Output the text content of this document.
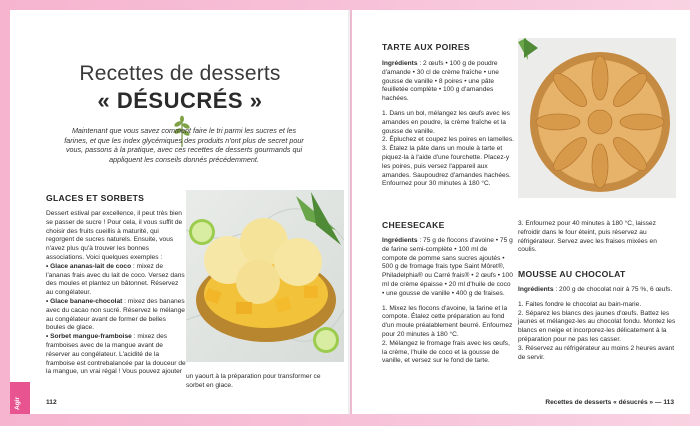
Recettes de desserts
« DÉSUCRÉS »

Maintenant que vous savez comment faire le tri parmi les sucres et les farines, et que les index glycémiques des produits n'ont plus de secret pour vous, passons à la pratique, avec ces recettes de desserts gourmands qui appliquent les conseils donnés précédemment.

GLACES ET SORBETS

Dessert estival par excellence, il peut très bien se passer de sucre ! Pour cela, il vous suffit de choisir des fruits cueillis à maturité, qui regorgent de sucres naturels. Ensuite, vous n'avez plus qu'à trouver les bonnes associations. Voici quelques exemples :

• Glace ananas-lait de coco : mixez de l'ananas frais avec du lait de coco. Versez dans des moules et plantez un bâtonnet. Réservez au congélateur.

• Glace banane-chocolat : mixez des bananes avec du cacao non sucré. Réservez le mélange au congélateur avant de former de belles boules de glace.

• Sorbet mangue-framboise : mixez des framboises avec de la mangue avant de réserver au congélateur. L'acidité de la framboise est contrebalancée par la douceur de la mangue, un vrai régal ! Vous pouvez ajouter

un yaourt à la préparation pour transformer ce sorbet en glace.

112
Agir
TARTE AUX POIRES

Ingrédients : 2 œufs • 100 g de poudre d'amande • 30 cl de crème fraîche • une gousse de vanille • 8 poires • une pâte feuilletée complète • 100 g d'amandes hachées.

1. Dans un bol, mélangez les œufs avec les amandes en poudre, la crème fraîche et la gousse de vanille.

2. Épluchez et coupez les poires en lamelles.

3. Étalez la pâte dans un moule à tarte et piquez-la à l'aide d'une fourchette. Placez-y les poires, puis versez l'appareil aux amandes. Saupoudrez d'amandes hachées. Enfournez pour 30 minutes à 180 °C.

CHEESECAKE

Ingrédients : 75 g de flocons d'avoine • 75 g de farine semi-complète • 100 ml de compote de pomme sans sucres ajoutés • 500 g de fromage frais type Saint Môret®, Philadelphia® ou Carré frais® • 2 œufs • 100 ml de crème épaisse • 20 ml d'huile de coco • une gousse de vanille • 400 g de fraises.

1. Mixez les flocons d'avoine, la farine et la compote. Étalez cette préparation au fond d'un moule préalablement beurré. Enfournez pour 20 minutes à 180 °C.

2. Mélangez le fromage frais avec les œufs, la crème, l'huile de coco et la gousse de vanille, et versez sur le fond de tarte.

3. Enfournez pour 40 minutes à 180 °C, laissez refroidir dans le four éteint, puis réservez au réfrigérateur. Servez avec les fraises mixées en coulis.

MOUSSE AU CHOCOLAT

Ingrédients : 200 g de chocolat noir à 75 %, 6 œufs.

1. Faites fondre le chocolat au bain-marie.

2. Séparez les blancs des jaunes d'œufs. Battez les jaunes et mélangez-les au chocolat fondu. Montez les blancs en neige et incorporez-les délicatement à la préparation pour ne pas les casser.

3. Réservez au réfrigérateur au moins 2 heures avant de servir.

Recettes de desserts « désucrés » — 113
